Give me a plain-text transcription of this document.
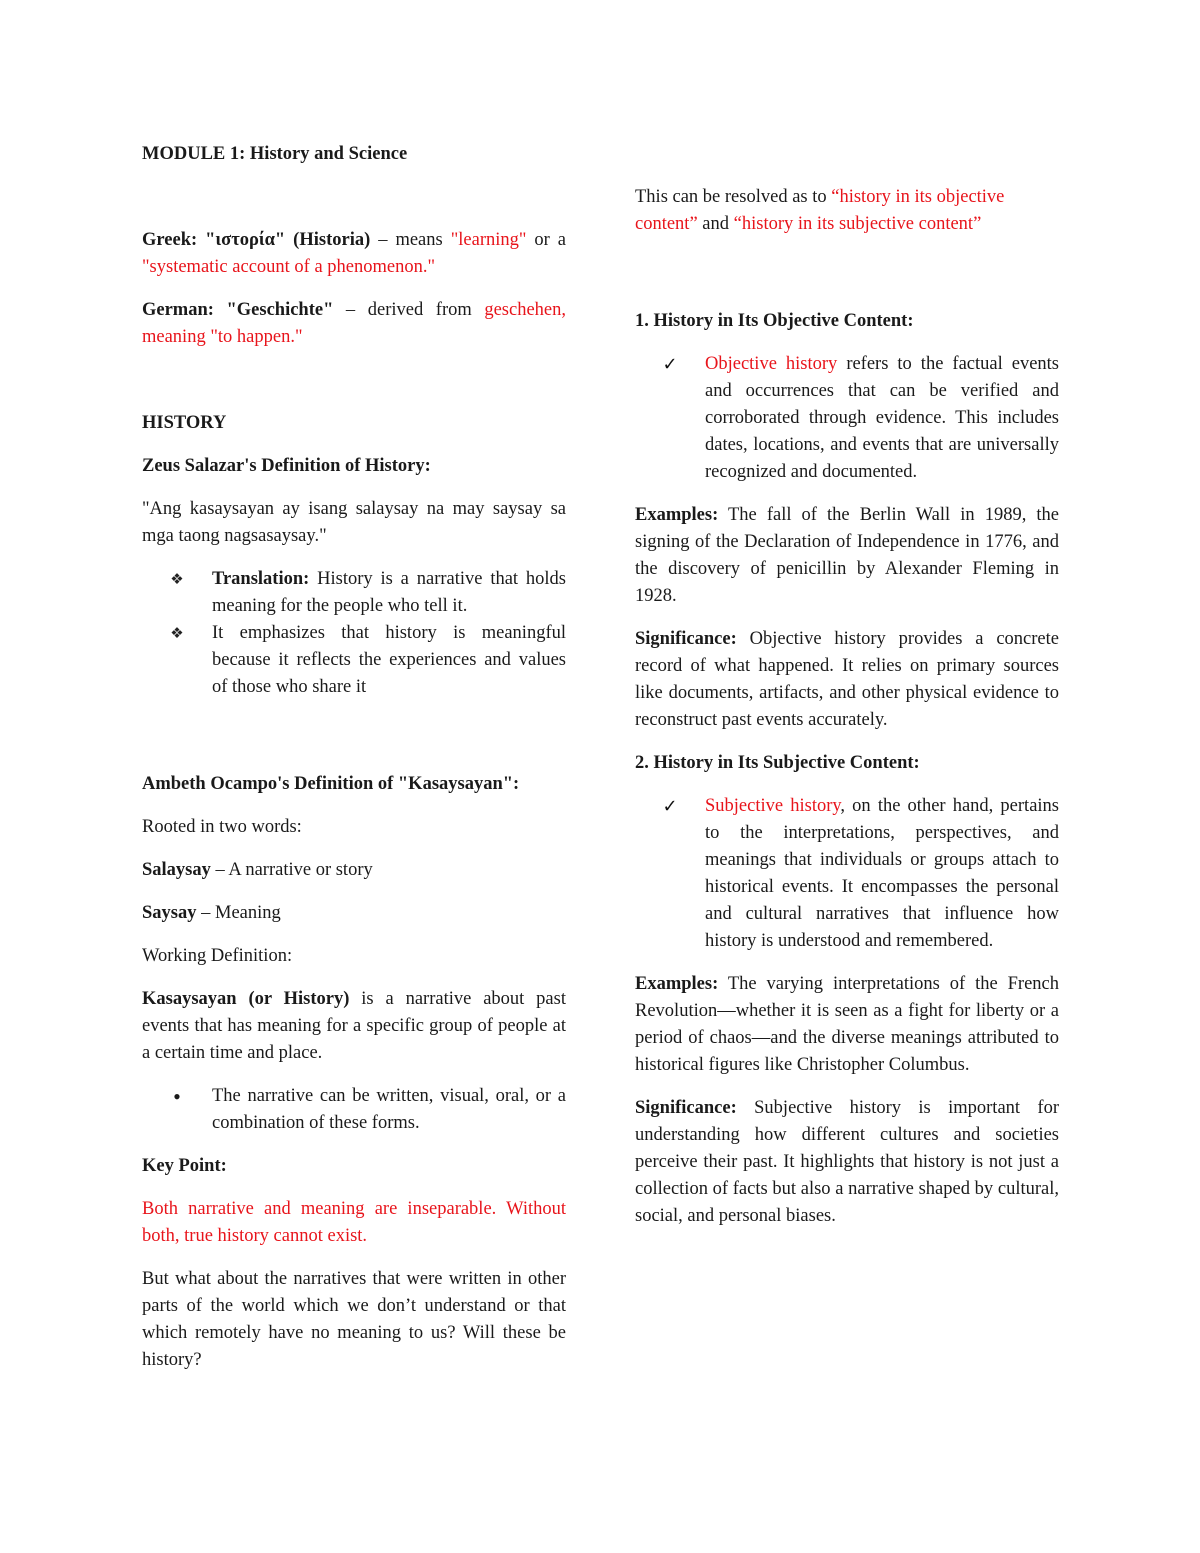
MODULE 1: History and Science

Greek: "ιστορία" (Historia) – means "learning" or a "systematic account of a phenomenon."

German: "Geschichte" – derived from geschehen, meaning "to happen."

HISTORY

Zeus Salazar's Definition of History:

"Ang kasaysayan ay isang salaysay na may saysay sa mga taong nagsasaysay."

❖	Translation: History is a narrative that holds meaning for the people who tell it.
❖	It emphasizes that history is meaningful because it reflects the experiences and values of those who share it

Ambeth Ocampo's Definition of "Kasaysayan":

Rooted in two words:

Salaysay – A narrative or story

Saysay – Meaning

Working Definition:

Kasaysayan (or History) is a narrative about past events that has meaning for a specific group of people at a certain time and place.

•	The narrative can be written, visual, oral, or a combination of these forms.

Key Point:

Both narrative and meaning are inseparable. Without both, true history cannot exist.

But what about the narratives that were written in other parts of the world which we don’t understand or that which remotely have no meaning to us? Will these be history?

This can be resolved as to “history in its objective content” and “history in its subjective content”

1. History in Its Objective Content:

✓	Objective history refers to the factual events and occurrences that can be verified and corroborated through evidence. This includes dates, locations, and events that are universally recognized and documented.

Examples: The fall of the Berlin Wall in 1989, the signing of the Declaration of Independence in 1776, and the discovery of penicillin by Alexander Fleming in 1928.

Significance: Objective history provides a concrete record of what happened. It relies on primary sources like documents, artifacts, and other physical evidence to reconstruct past events accurately.

2. History in Its Subjective Content:

✓	Subjective history, on the other hand, pertains to the interpretations, perspectives, and meanings that individuals or groups attach to historical events. It encompasses the personal and cultural narratives that influence how history is understood and remembered.

Examples: The varying interpretations of the French Revolution—whether it is seen as a fight for liberty or a period of chaos—and the diverse meanings attributed to historical figures like Christopher Columbus.

Significance: Subjective history is important for understanding how different cultures and societies perceive their past. It highlights that history is not just a collection of facts but also a narrative shaped by cultural, social, and personal biases.
